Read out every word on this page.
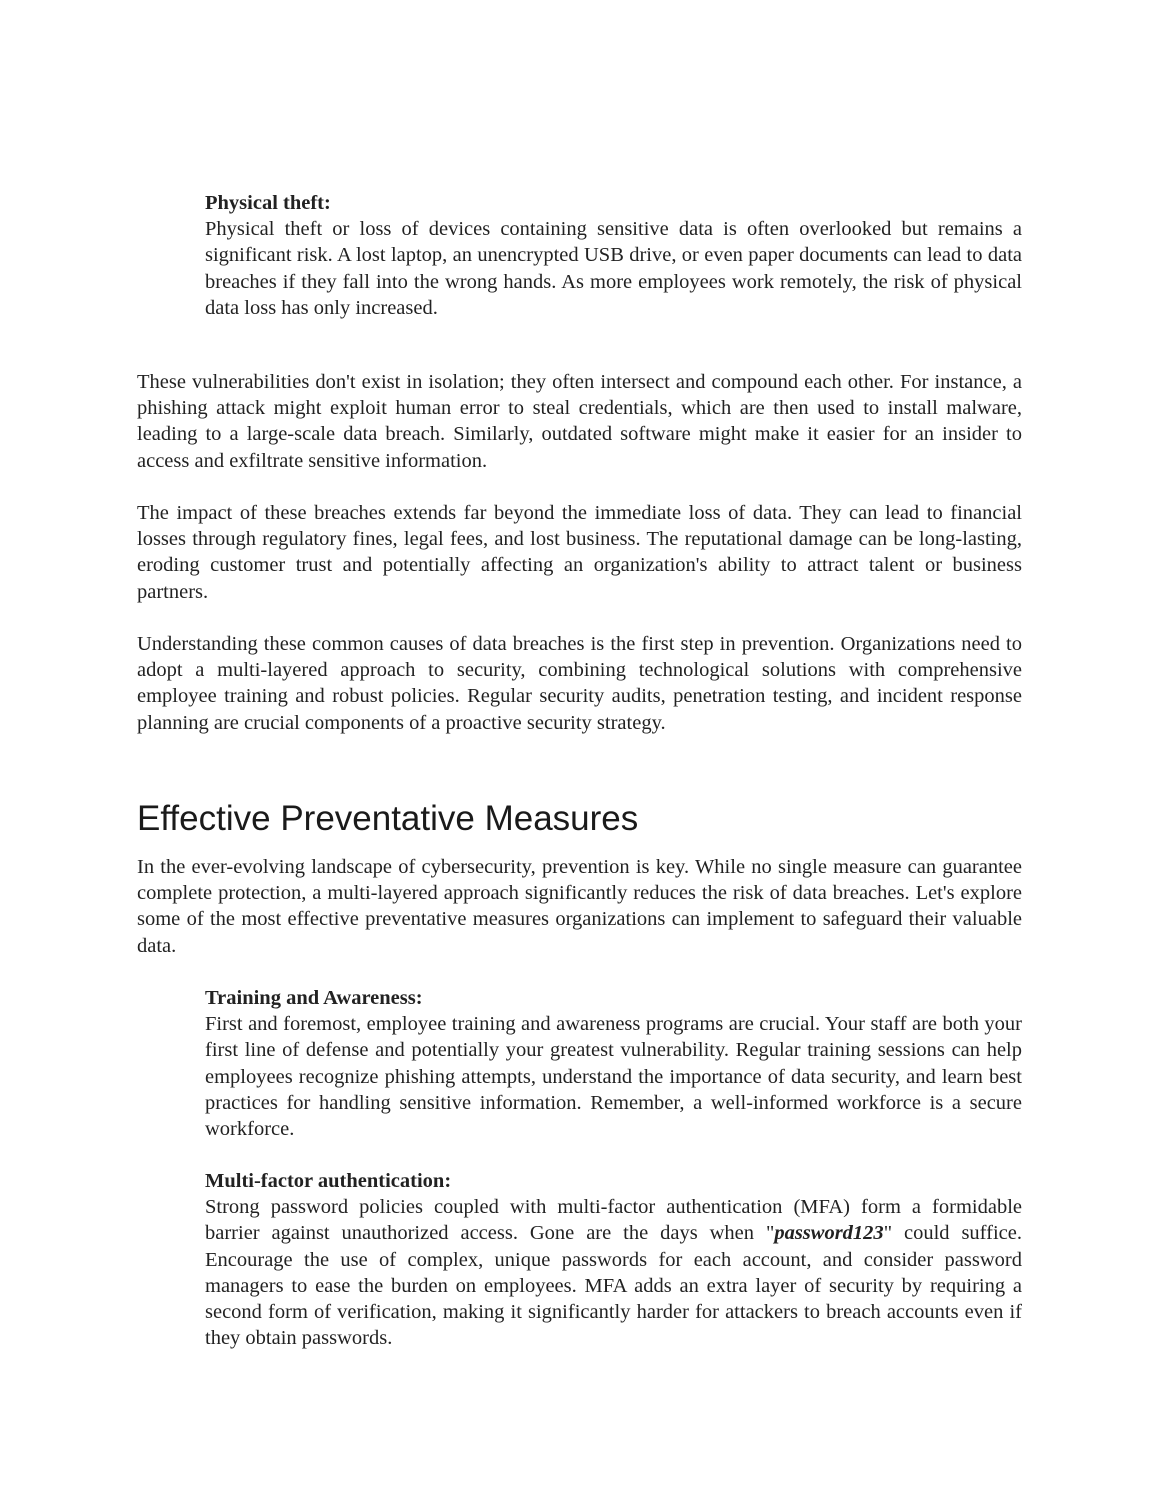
Physical theft:

Physical theft or loss of devices containing sensitive data is often overlooked but remains a significant risk. A lost laptop, an unencrypted USB drive, or even paper documents can lead to data breaches if they fall into the wrong hands. As more employees work remotely, the risk of physical data loss has only increased.

These vulnerabilities don't exist in isolation; they often intersect and compound each other. For instance, a phishing attack might exploit human error to steal credentials, which are then used to install malware, leading to a large-scale data breach. Similarly, outdated software might make it easier for an insider to access and exfiltrate sensitive information.

The impact of these breaches extends far beyond the immediate loss of data. They can lead to financial losses through regulatory fines, legal fees, and lost business. The reputational damage can be long-lasting, eroding customer trust and potentially affecting an organization's ability to attract talent or business partners.

Understanding these common causes of data breaches is the first step in prevention. Organizations need to adopt a multi-layered approach to security, combining technological solutions with comprehensive employee training and robust policies. Regular security audits, penetration testing, and incident response planning are crucial components of a proactive security strategy.

Effective Preventative Measures

In the ever-evolving landscape of cybersecurity, prevention is key. While no single measure can guarantee complete protection, a multi-layered approach significantly reduces the risk of data breaches. Let's explore some of the most effective preventative measures organizations can implement to safeguard their valuable data.

Training and Awareness:

First and foremost, employee training and awareness programs are crucial. Your staff are both your first line of defense and potentially your greatest vulnerability. Regular training sessions can help employees recognize phishing attempts, understand the importance of data security, and learn best practices for handling sensitive information. Remember, a well-informed workforce is a secure workforce.

Multi-factor authentication:

Strong password policies coupled with multi-factor authentication (MFA) form a formidable barrier against unauthorized access. Gone are the days when "password123" could suffice. Encourage the use of complex, unique passwords for each account, and consider password managers to ease the burden on employees. MFA adds an extra layer of security by requiring a second form of verification, making it significantly harder for attackers to breach accounts even if they obtain passwords.
